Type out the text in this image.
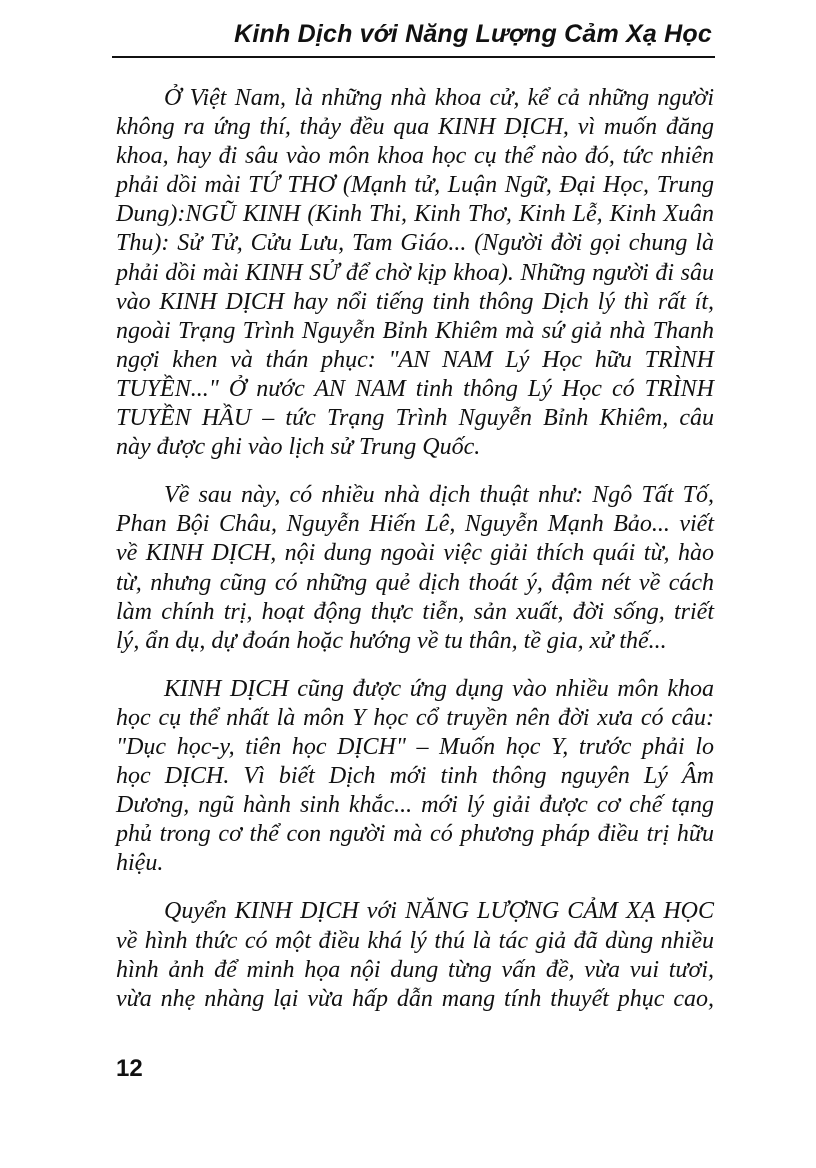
Kinh Dịch với Năng Lượng Cảm Xạ Học

Ở Việt Nam, là những nhà khoa cử, kể cả những người
không ra ứng thí, thảy đều qua KINH DỊCH, vì muốn đăng
khoa, hay đi sâu vào môn khoa học cụ thể nào đó, tức nhiên
phải dồi mài TỨ THƠ (Mạnh tử, Luận Ngữ, Đại Học, Trung
Dung):NGŨ KINH (Kinh Thi, Kinh Thơ, Kinh Lễ, Kinh Xuân
Thu): Sử Tử, Cửu Lưu, Tam Giáo... (Người đời gọi chung là
phải dồi mài KINH SỬ để chờ kịp khoa). Những người đi sâu
vào KINH DỊCH hay nổi tiếng tinh thông Dịch lý thì rất ít,
ngoài Trạng Trình Nguyễn Bỉnh Khiêm mà sứ giả nhà Thanh
ngợi khen và thán phục: "AN NAM Lý Học hữu TRÌNH
TUYỀN..." Ở nước AN NAM tinh thông Lý Học có TRÌNH
TUYỀN HẦU – tức Trạng Trình Nguyễn Bỉnh Khiêm, câu
này được ghi vào lịch sử Trung Quốc.

Về sau này, có nhiều nhà dịch thuật như: Ngô Tất Tố,
Phan Bội Châu, Nguyễn Hiến Lê, Nguyễn Mạnh Bảo... viết
về KINH DỊCH, nội dung ngoài việc giải thích quái từ, hào
từ, nhưng cũng có những quẻ dịch thoát ý, đậm nét về cách
làm chính trị, hoạt động thực tiễn, sản xuất, đời sống, triết
lý, ẩn dụ, dự đoán hoặc hướng về tu thân, tề gia, xử thế...

KINH DỊCH cũng được ứng dụng vào nhiều môn khoa
học cụ thể nhất là môn Y học cổ truyền nên đời xưa có câu:
"Dục học-y, tiên học DỊCH" – Muốn học Y, trước phải lo
học DỊCH. Vì biết Dịch mới tinh thông nguyên Lý Âm
Dương, ngũ hành sinh khắc... mới lý giải được cơ chế tạng
phủ trong cơ thể con người mà có phương pháp điều trị hữu
hiệu.

Quyển KINH DỊCH với NĂNG LƯỢNG CẢM XẠ HỌC
về hình thức có một điều khá lý thú là tác giả đã dùng nhiều
hình ảnh để minh họa nội dung từng vấn đề, vừa vui tươi,
vừa nhẹ nhàng lại vừa hấp dẫn mang tính thuyết phục cao,

12
